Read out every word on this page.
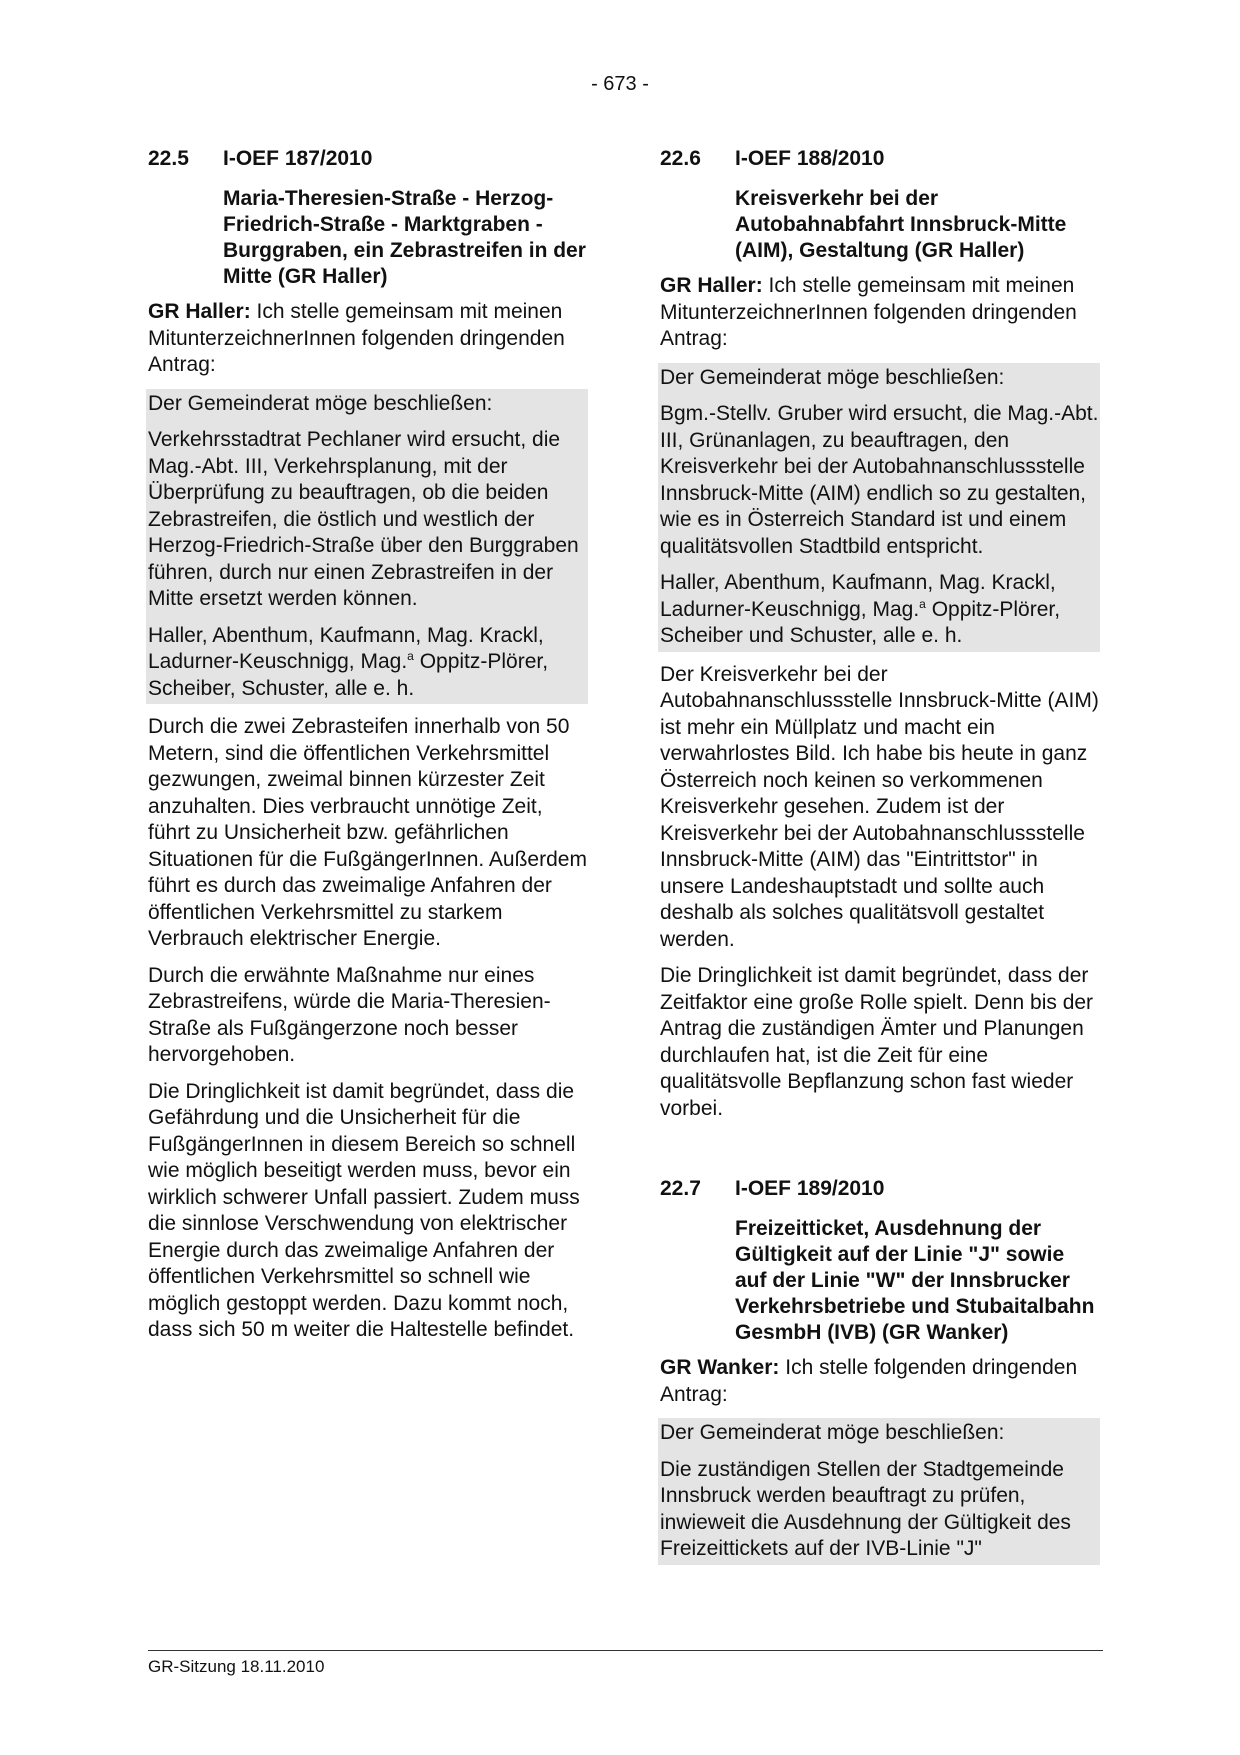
- 673 -
22.5	I-OEF 187/2010
Maria-Theresien-Straße - Herzog-Friedrich-Straße - Marktgraben - Burggraben, ein Zebrastreifen in der Mitte (GR Haller)

GR Haller: Ich stelle gemeinsam mit meinen MitunterzeichnerInnen folgenden dringenden Antrag:

Der Gemeinderat möge beschließen:

Verkehrsstadtrat Pechlaner wird ersucht, die Mag.-Abt. III, Verkehrsplanung, mit der Überprüfung zu beauftragen, ob die beiden Zebrastreifen, die östlich und westlich der Herzog-Friedrich-Straße über den Burggraben führen, durch nur einen Zebrastreifen in der Mitte ersetzt werden können.

Haller, Abenthum, Kaufmann, Mag. Krackl, Ladurner-Keuschnigg, Mag.$^a$ Oppitz-Plörer, Scheiber, Schuster, alle e. h.

Durch die zwei Zebrasteifen innerhalb von 50 Metern, sind die öffentlichen Verkehrsmittel gezwungen, zweimal binnen kürzester Zeit anzuhalten. Dies verbraucht unnötige Zeit, führt zu Unsicherheit bzw. gefährlichen Situationen für die FußgängerInnen. Außerdem führt es durch das zweimalige Anfahren der öffentlichen Verkehrsmittel zu starkem Verbrauch elektrischer Energie.

Durch die erwähnte Maßnahme nur eines Zebrastreifens, würde die Maria-Theresien-Straße als Fußgängerzone noch besser hervorgehoben.

Die Dringlichkeit ist damit begründet, dass die Gefährdung und die Unsicherheit für die FußgängerInnen in diesem Bereich so schnell wie möglich beseitigt werden muss, bevor ein wirklich schwerer Unfall passiert. Zudem muss die sinnlose Verschwendung von elektrischer Energie durch das zweimalige Anfahren der öffentlichen Verkehrsmittel so schnell wie möglich gestoppt werden. Dazu kommt noch, dass sich 50 m weiter die Haltestelle befindet.

22.6	I-OEF 188/2010
Kreisverkehr bei der Autobahnabfahrt Innsbruck-Mitte (AIM), Gestaltung (GR Haller)

GR Haller: Ich stelle gemeinsam mit meinen MitunterzeichnerInnen folgenden dringenden Antrag:

Der Gemeinderat möge beschließen:

Bgm.-Stellv. Gruber wird ersucht, die Mag.-Abt. III, Grünanlagen, zu beauftragen, den Kreisverkehr bei der Autobahnanschlussstelle Innsbruck-Mitte (AIM) endlich so zu gestalten, wie es in Österreich Standard ist und einem qualitätsvollen Stadtbild entspricht.

Haller, Abenthum, Kaufmann, Mag. Krackl, Ladurner-Keuschnigg, Mag.$^a$ Oppitz-Plörer, Scheiber und Schuster, alle e. h.

Der Kreisverkehr bei der Autobahnanschlussstelle Innsbruck-Mitte (AIM) ist mehr ein Müllplatz und macht ein verwahrlostes Bild. Ich habe bis heute in ganz Österreich noch keinen so verkommenen Kreisverkehr gesehen. Zudem ist der Kreisverkehr bei der Autobahnanschlussstelle Innsbruck-Mitte (AIM) das "Eintrittstor" in unsere Landeshauptstadt und sollte auch deshalb als solches qualitätsvoll gestaltet werden.

Die Dringlichkeit ist damit begründet, dass der Zeitfaktor eine große Rolle spielt. Denn bis der Antrag die zuständigen Ämter und Planungen durchlaufen hat, ist die Zeit für eine qualitätsvolle Bepflanzung schon fast wieder vorbei.

22.7	I-OEF 189/2010
Freizeitticket, Ausdehnung der Gültigkeit auf der Linie "J" sowie auf der Linie "W" der Innsbrucker Verkehrsbetriebe und Stubaitalbahn GesmbH (IVB) (GR Wanker)

GR Wanker: Ich stelle folgenden dringenden Antrag:

Der Gemeinderat möge beschließen:

Die zuständigen Stellen der Stadtgemeinde Innsbruck werden beauftragt zu prüfen, inwieweit die Ausdehnung der Gültigkeit des Freizeittickets auf der IVB-Linie "J"

GR-Sitzung 18.11.2010
